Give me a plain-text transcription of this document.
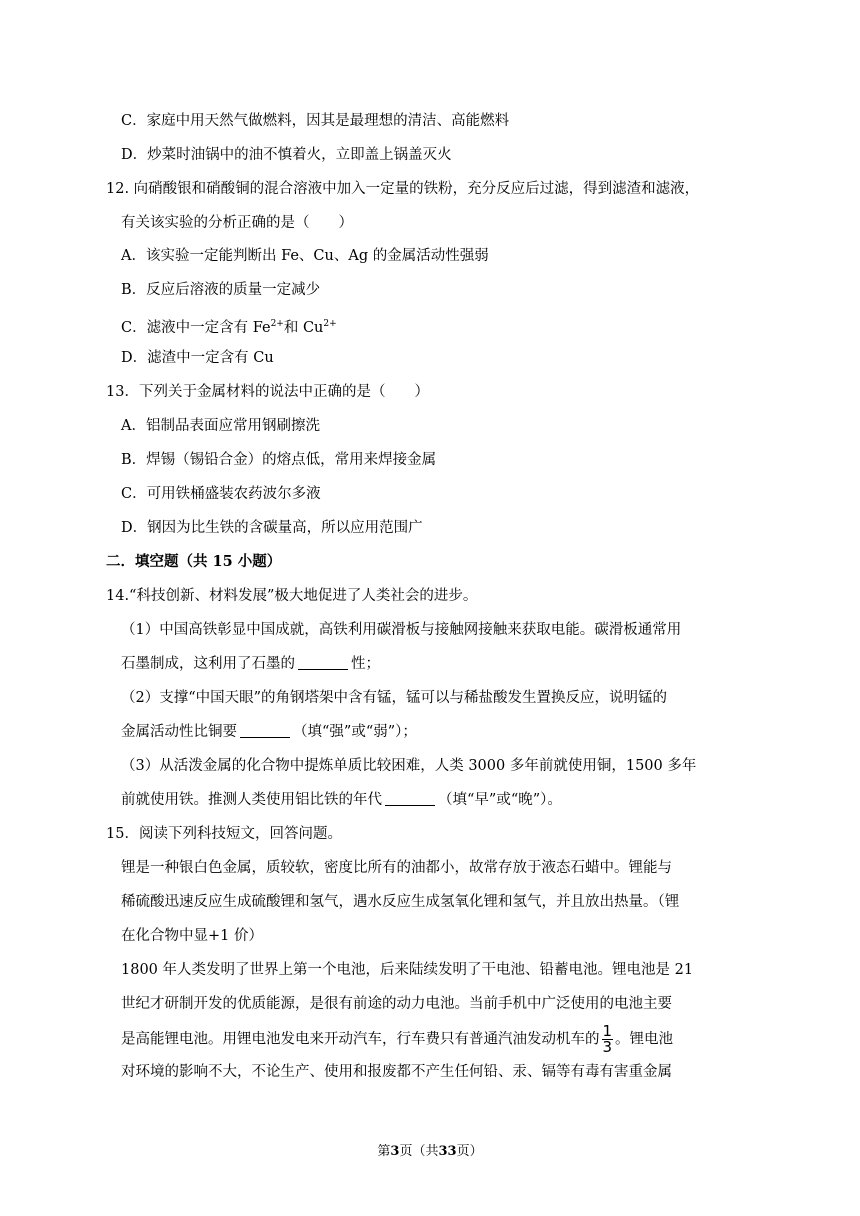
C．家庭中用天然气做燃料，因其是最理想的清洁、高能燃料
D．炒菜时油锅中的油不慎着火，立即盖上锅盖灭火
12. 向硝酸银和硝酸铜的混合溶液中加入一定量的铁粉，充分反应后过滤，得到滤渣和滤液，
有关该实验的分析正确的是（　　）
A．该实验一定能判断出 Fe、Cu、Ag 的金属活动性强弱
B．反应后溶液的质量一定减少
C．滤液中一定含有 $Fe^{2+}$和 $Cu^{2+}$
D．滤渣中一定含有 Cu
13．下列关于金属材料的说法中正确的是（　　）
A．铝制品表面应常用钢刷擦洗
B．焊锡（锡铅合金）的熔点低，常用来焊接金属
C．可用铁桶盛装农药波尔多液
D．钢因为比生铁的含碳量高，所以应用范围广
二．填空题（共 15 小题）
14.“科技创新、材料发展”极大地促进了人类社会的进步。
（1）中国高铁彰显中国成就，高铁利用碳滑板与接触网接触来获取电能。碳滑板通常用
石墨制成，这利用了石墨的	性；
（2）支撑“中国天眼”的角钢塔架中含有锰，锰可以与稀盐酸发生置换反应，说明锰的
金属活动性比铜要	（填“强”或“弱”）；
（3）从活泼金属的化合物中提炼单质比较困难，人类 3000 多年前就使用铜，1500 多年
前就使用铁。推测人类使用铝比铁的年代	（填“早”或“晚”）。
15．阅读下列科技短文，回答问题。
锂是一种银白色金属，质较软，密度比所有的油都小，故常存放于液态石蜡中。锂能与
稀硫酸迅速反应生成硫酸锂和氢气，遇水反应生成氢氧化锂和氢气，并且放出热量。（锂
在化合物中显+1 价）
1800 年人类发明了世界上第一个电池，后来陆续发明了干电池、铅蓄电池。锂电池是 21
世纪才研制开发的优质能源，是很有前途的动力电池。当前手机中广泛使用的电池主要
是高能锂电池。用锂电池发电来开动汽车，行车费只有普通汽油发动机车的 $\frac{1}{3}$ 。锂电池
对环境的影响不大，不论生产、使用和报废都不产生任何铅、汞、镉等有毒有害重金属
第3页（共33页）
